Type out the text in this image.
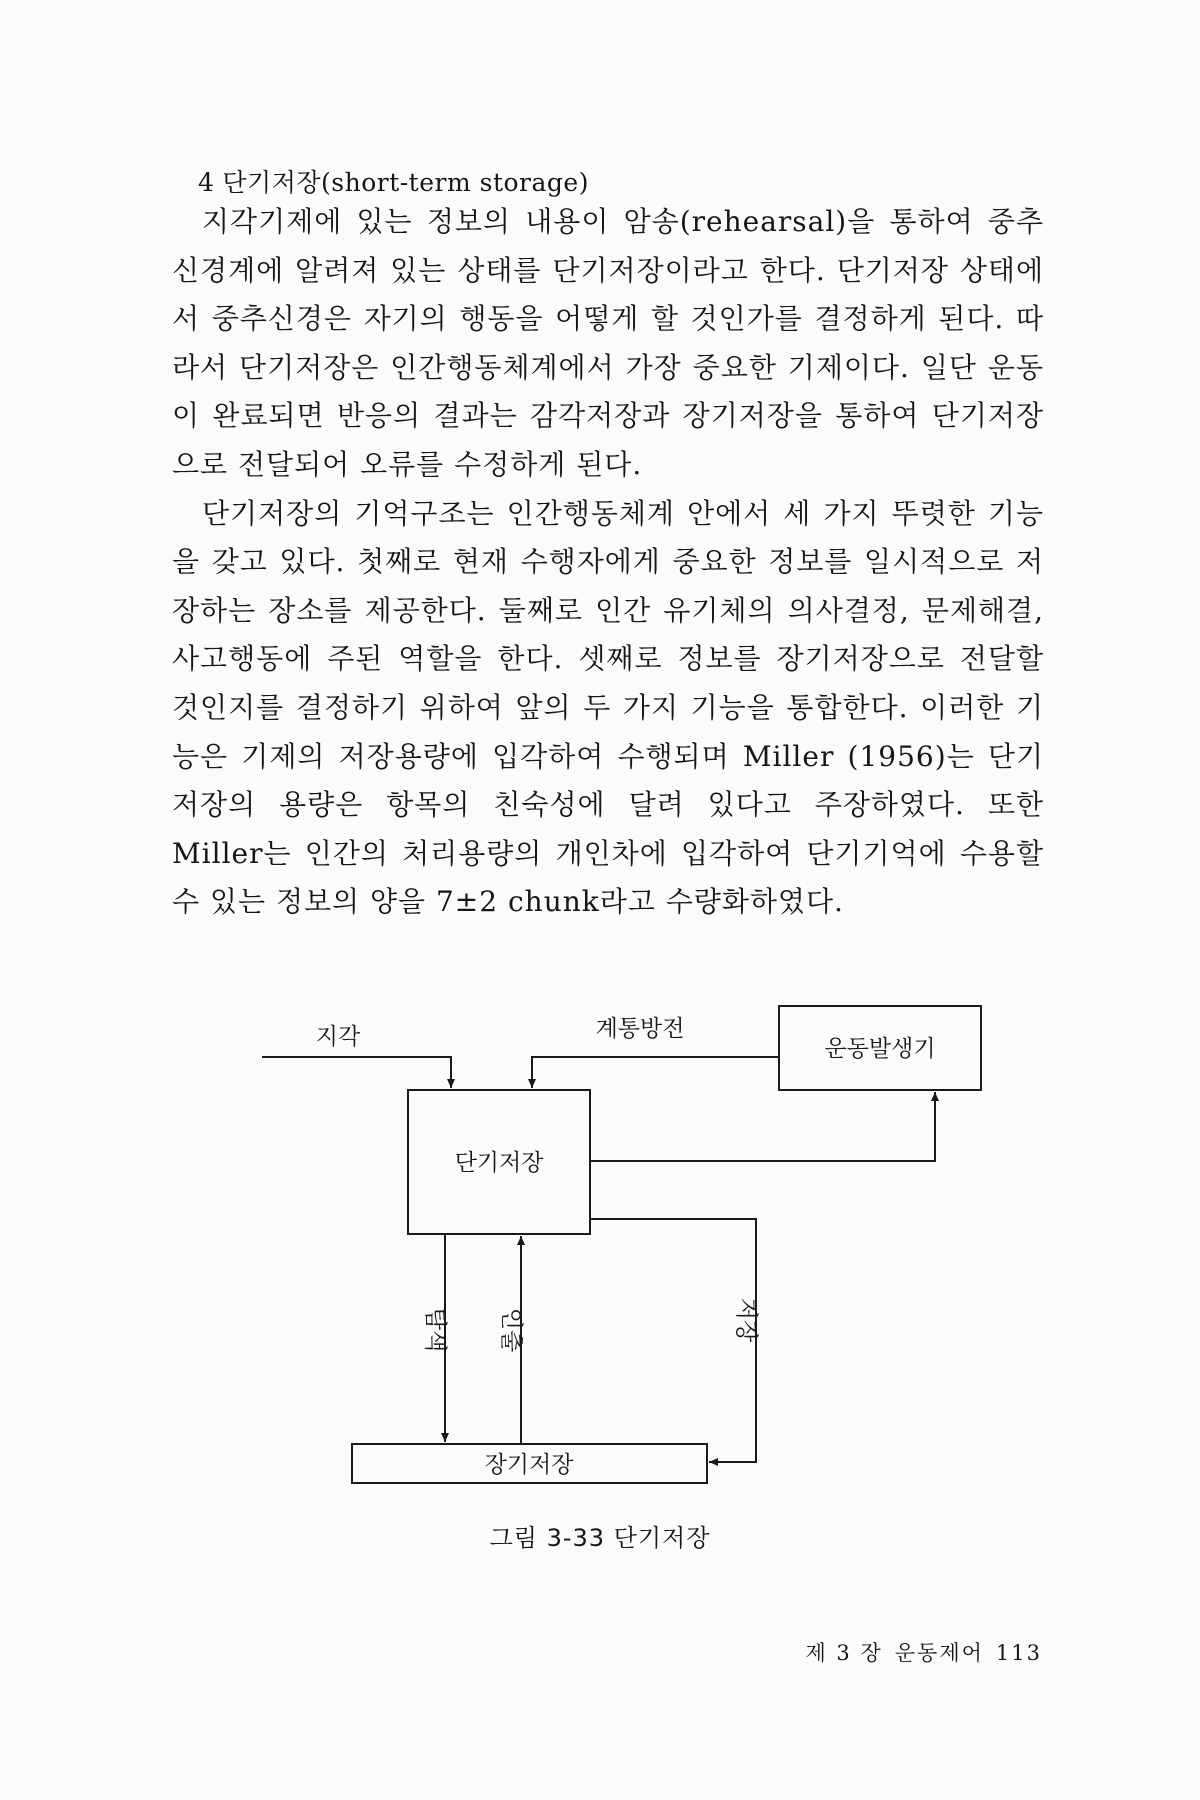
4 단기저장(short-term storage)

지각기제에 있는 정보의 내용이 암송(rehearsal)을 통하여 중추신경계에 알려져 있는 상태를 단기저장이라고 한다. 단기저장 상태에서 중추신경은 자기의 행동을 어떻게 할 것인가를 결정하게 된다. 따라서 단기저장은 인간행동체계에서 가장 중요한 기제이다. 일단 운동이 완료되면 반응의 결과는 감각저장과 장기저장을 통하여 단기저장으로 전달되어 오류를 수정하게 된다.

단기저장의 기억구조는 인간행동체계 안에서 세 가지 뚜렷한 기능을 갖고 있다. 첫째로 현재 수행자에게 중요한 정보를 일시적으로 저장하는 장소를 제공한다. 둘째로 인간 유기체의 의사결정, 문제해결, 사고행동에 주된 역할을 한다. 셋째로 정보를 장기저장으로 전달할 것인지를 결정하기 위하여 앞의 두 가지 기능을 통합한다. 이러한 기능은 기제의 저장용량에 입각하여 수행되며 Miller (1956)는 단기저장의 용량은 항목의 친숙성에 달려 있다고 주장하였다. 또한 Miller는 인간의 처리용량의 개인차에 입각하여 단기기억에 수용할 수 있는 정보의 양을 7±2 chunk라고 수량화하였다.

단기저장
장기저장
운동발생기
지각	계통방전
탐색 인출	저장
그림 3-33 단기저장
제 3 장 운동제어 113
